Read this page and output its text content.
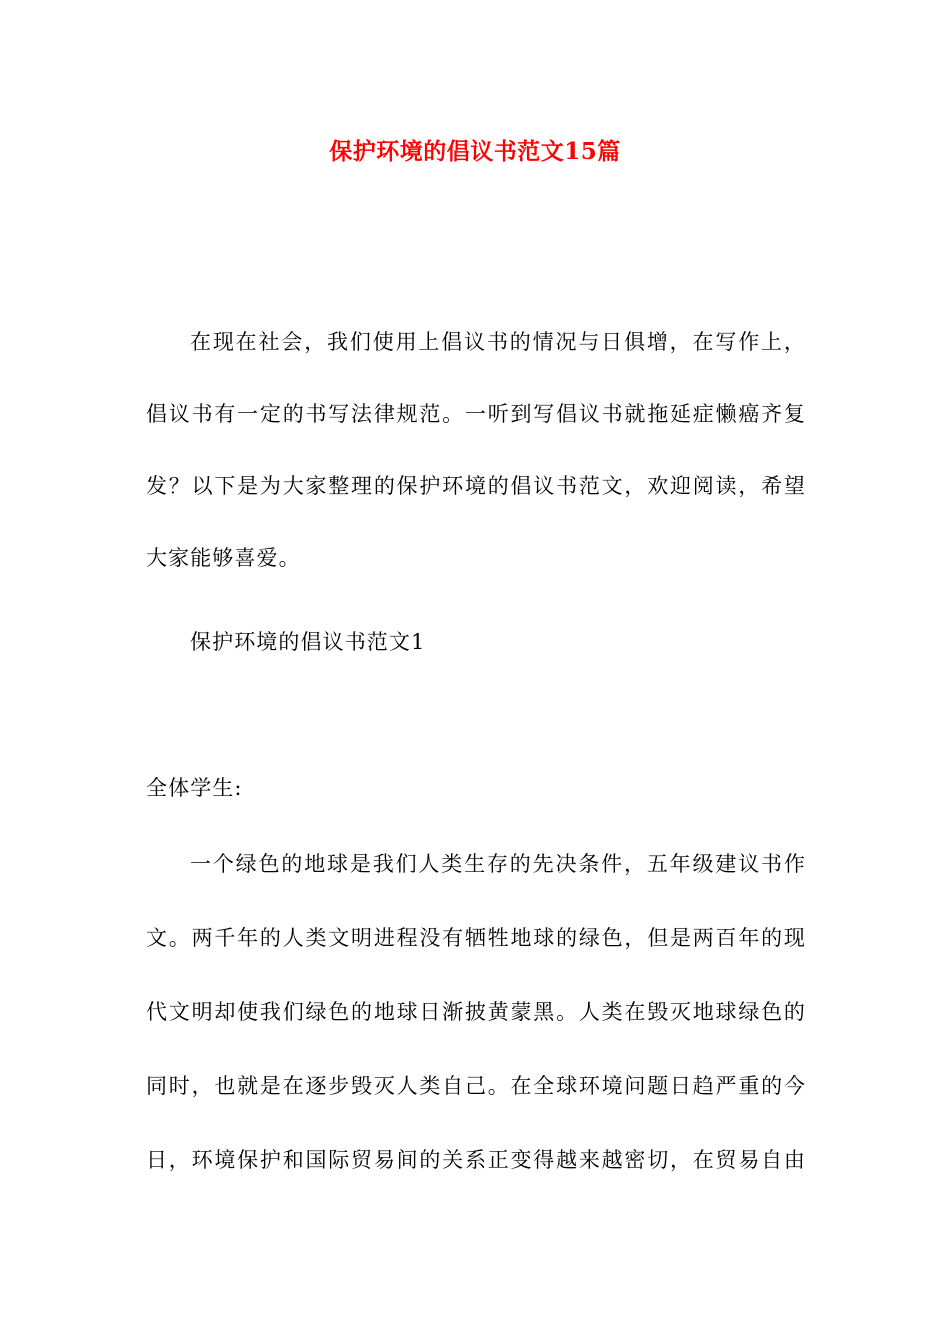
保护环境的倡议书范文15篇
在现在社会，我们使用上倡议书的情况与日俱增，在写作上，
倡议书有一定的书写法律规范。一听到写倡议书就拖延症懒癌齐复
发？以下是为大家整理的保护环境的倡议书范文，欢迎阅读，希望
大家能够喜爱。
保护环境的倡议书范文1
全体学生:
一个绿色的地球是我们人类生存的先决条件，五年级建议书作
文。两千年的人类文明进程没有牺牲地球的绿色，但是两百年的现
代文明却使我们绿色的地球日渐披黄蒙黑。人类在毁灭地球绿色的
同时，也就是在逐步毁灭人类自己。在全球环境问题日趋严重的今
日，环境保护和国际贸易间的关系正变得越来越密切，在贸易自由
